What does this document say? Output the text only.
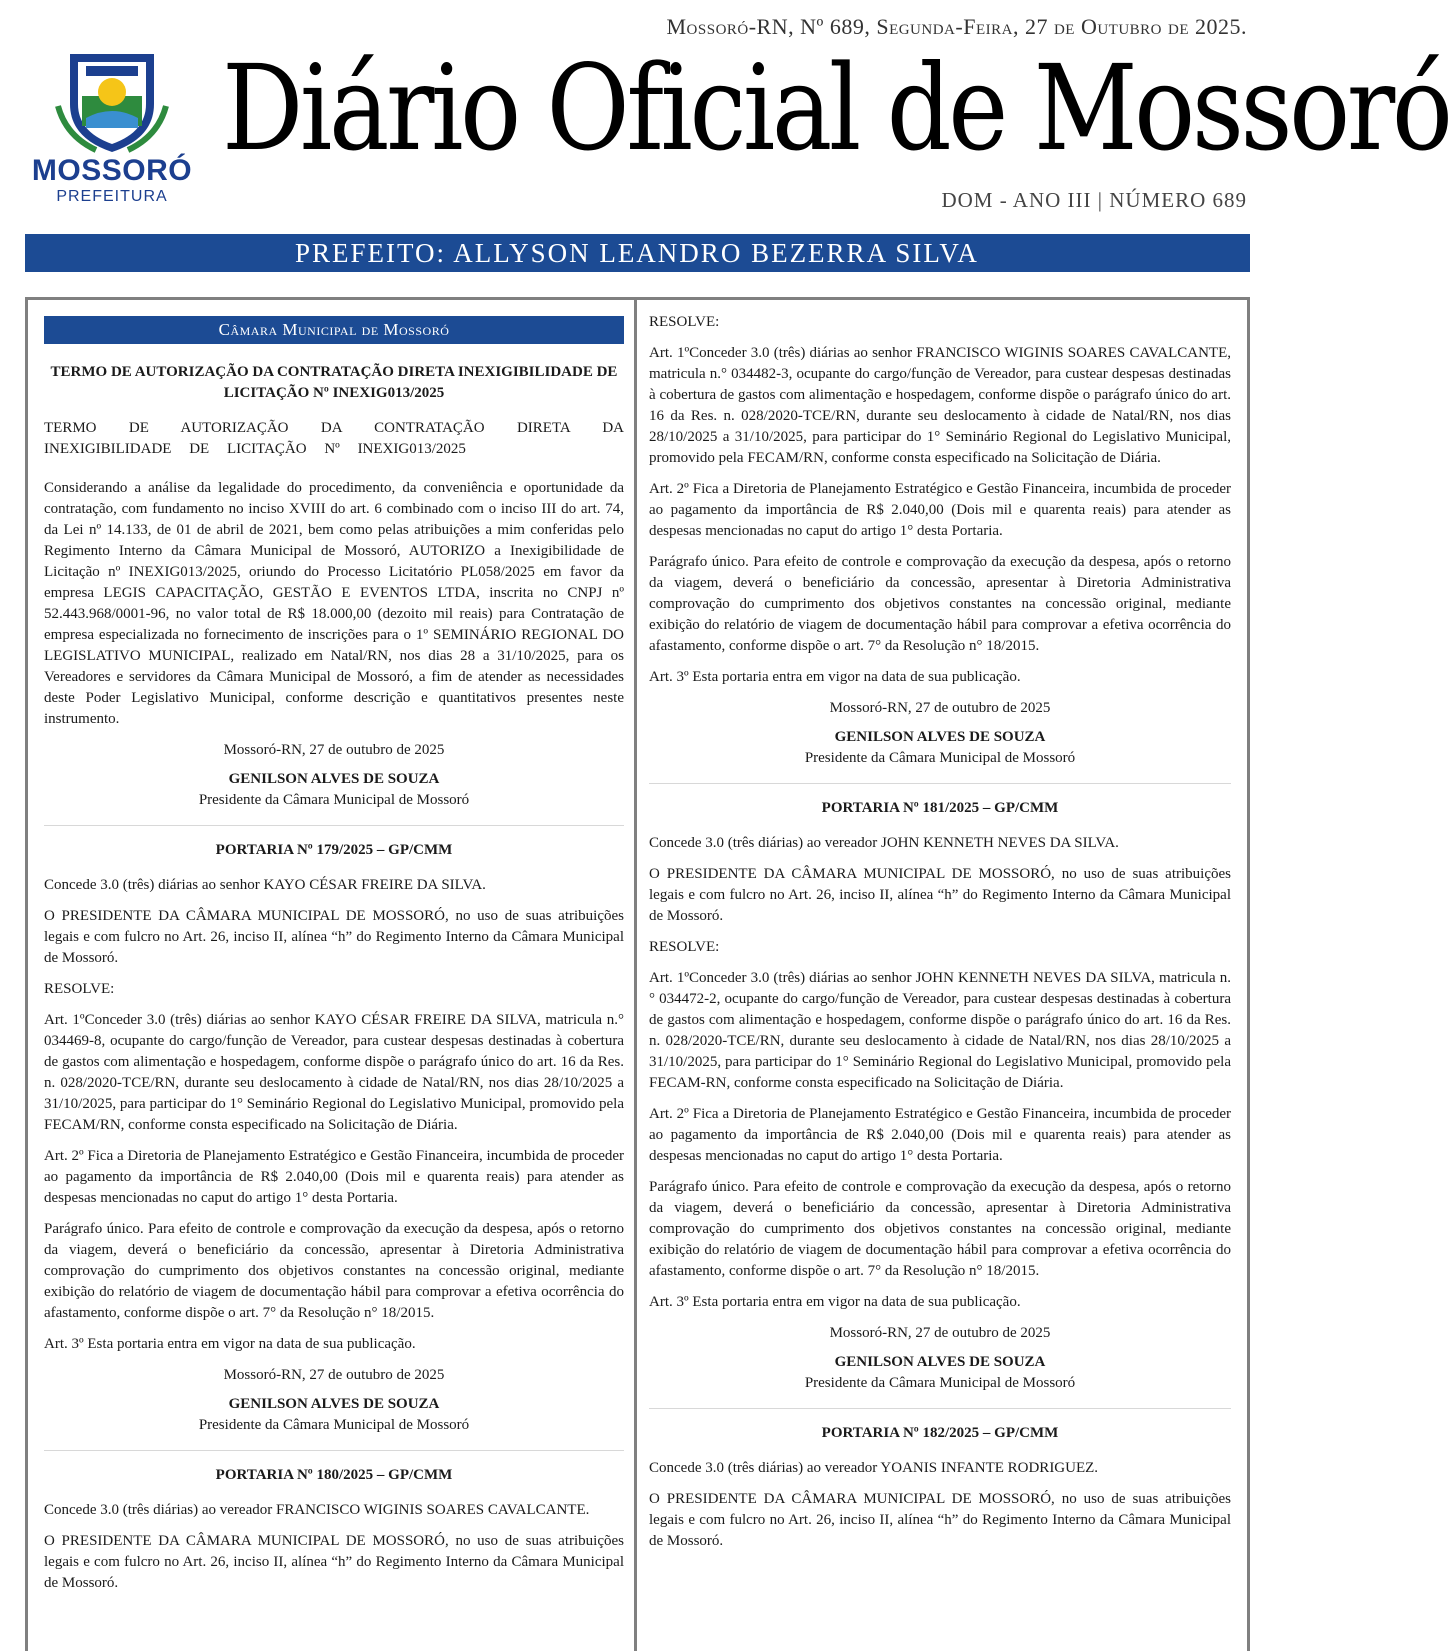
Mossoró-RN, Nº 689, Segunda-Feira, 27 de Outubro de 2025.
MOSSORÓ
PREFEITURA
Diário Oficial de Mossoró
DOM - ANO III | NÚMERO 689
PREFEITO: ALLYSON LEANDRO BEZERRA SILVA
Câmara Municipal de Mossoró

TERMO DE AUTORIZAÇÃO DA CONTRATAÇÃO DIRETA INEXIGIBILIDADE DE LICITAÇÃO Nº INEXIG013/2025

TERMO DE AUTORIZAÇÃO DA CONTRATAÇÃO DIRETA DA INEXIGIBILIDADE DE LICITAÇÃO Nº INEXIG013/2025

Considerando a análise da legalidade do procedimento, da conveniência e oportunidade da contratação, com fundamento no inciso XVIII do art. 6 combinado com o inciso III do art. 74, da Lei nº 14.133, de 01 de abril de 2021, bem como pelas atribuições a mim conferidas pelo Regimento Interno da Câmara Municipal de Mossoró, AUTORIZO a Inexigibilidade de Licitação nº INEXIG013/2025, oriundo do Processo Licitatório PL058/2025 em favor da empresa LEGIS CAPACITAÇÃO, GESTÃO E EVENTOS LTDA, inscrita no CNPJ nº 52.443.968/0001-96, no valor total de R$ 18.000,00 (dezoito mil reais) para Contratação de empresa especializada no fornecimento de inscrições para o 1º SEMINÁRIO REGIONAL DO LEGISLATIVO MUNICIPAL, realizado em Natal/RN, nos dias 28 a 31/10/2025, para os Vereadores e servidores da Câmara Municipal de Mossoró, a fim de atender as necessidades deste Poder Legislativo Municipal, conforme descrição e quantitativos presentes neste instrumento.

Mossoró-RN, 27 de outubro de 2025

GENILSON ALVES DE SOUZA

Presidente da Câmara Municipal de Mossoró

PORTARIA Nº 179/2025 – GP/CMM

Concede 3.0 (três) diárias ao senhor KAYO CÉSAR FREIRE DA SILVA.

O PRESIDENTE DA CÂMARA MUNICIPAL DE MOSSORÓ, no uso de suas atribuições legais e com fulcro no Art. 26, inciso II, alínea “h” do Regimento Interno da Câmara Municipal de Mossoró.

RESOLVE:

Art. 1ºConceder 3.0 (três) diárias ao senhor KAYO CÉSAR FREIRE DA SILVA, matricula n.° 034469-8, ocupante do cargo/função de Vereador, para custear despesas destinadas à cobertura de gastos com alimentação e hospedagem, conforme dispõe o parágrafo único do art. 16 da Res. n. 028/2020-TCE/RN, durante seu deslocamento à cidade de Natal/RN, nos dias 28/10/2025 a 31/10/2025, para participar do 1° Seminário Regional do Legislativo Municipal, promovido pela FECAM/RN, conforme consta especificado na Solicitação de Diária.

Art. 2º Fica a Diretoria de Planejamento Estratégico e Gestão Financeira, incumbida de proceder ao pagamento da importância de R$ 2.040,00 (Dois mil e quarenta reais) para atender as despesas mencionadas no caput do artigo 1° desta Portaria.

Parágrafo único. Para efeito de controle e comprovação da execução da despesa, após o retorno da viagem, deverá o beneficiário da concessão, apresentar à Diretoria Administrativa comprovação do cumprimento dos objetivos constantes na concessão original, mediante exibição do relatório de viagem de documentação hábil para comprovar a efetiva ocorrência do afastamento, conforme dispõe o art. 7° da Resolução n° 18/2015.

Art. 3º Esta portaria entra em vigor na data de sua publicação.

Mossoró-RN, 27 de outubro de 2025

GENILSON ALVES DE SOUZA

Presidente da Câmara Municipal de Mossoró

PORTARIA Nº 180/2025 – GP/CMM

Concede 3.0 (três diárias) ao vereador FRANCISCO WIGINIS SOARES CAVALCANTE.

O PRESIDENTE DA CÂMARA MUNICIPAL DE MOSSORÓ, no uso de suas atribuições legais e com fulcro no Art. 26, inciso II, alínea “h” do Regimento Interno da Câmara Municipal de Mossoró.

RESOLVE:

Art. 1ºConceder 3.0 (três) diárias ao senhor FRANCISCO WIGINIS SOARES CAVALCANTE, matricula n.° 034482-3, ocupante do cargo/função de Vereador, para custear despesas destinadas à cobertura de gastos com alimentação e hospedagem, conforme dispõe o parágrafo único do art. 16 da Res. n. 028/2020-TCE/RN, durante seu deslocamento à cidade de Natal/RN, nos dias 28/10/2025 a 31/10/2025, para participar do 1° Seminário Regional do Legislativo Municipal, promovido pela FECAM/RN, conforme consta especificado na Solicitação de Diária.

Art. 2º Fica a Diretoria de Planejamento Estratégico e Gestão Financeira, incumbida de proceder ao pagamento da importância de R$ 2.040,00 (Dois mil e quarenta reais) para atender as despesas mencionadas no caput do artigo 1° desta Portaria.

Parágrafo único. Para efeito de controle e comprovação da execução da despesa, após o retorno da viagem, deverá o beneficiário da concessão, apresentar à Diretoria Administrativa comprovação do cumprimento dos objetivos constantes na concessão original, mediante exibição do relatório de viagem de documentação hábil para comprovar a efetiva ocorrência do afastamento, conforme dispõe o art. 7° da Resolução n° 18/2015.

Art. 3º Esta portaria entra em vigor na data de sua publicação.

Mossoró-RN, 27 de outubro de 2025

GENILSON ALVES DE SOUZA

Presidente da Câmara Municipal de Mossoró

PORTARIA Nº 181/2025 – GP/CMM

Concede 3.0 (três diárias) ao vereador JOHN KENNETH NEVES DA SILVA.

O PRESIDENTE DA CÂMARA MUNICIPAL DE MOSSORÓ, no uso de suas atribuições legais e com fulcro no Art. 26, inciso II, alínea “h” do Regimento Interno da Câmara Municipal de Mossoró.

RESOLVE:

Art. 1ºConceder 3.0 (três) diárias ao senhor JOHN KENNETH NEVES DA SILVA, matricula n.° 034472-2, ocupante do cargo/função de Vereador, para custear despesas destinadas à cobertura de gastos com alimentação e hospedagem, conforme dispõe o parágrafo único do art. 16 da Res. n. 028/2020-TCE/RN, durante seu deslocamento à cidade de Natal/RN, nos dias 28/10/2025 a 31/10/2025, para participar do 1° Seminário Regional do Legislativo Municipal, promovido pela FECAM-RN, conforme consta especificado na Solicitação de Diária.

Art. 2º Fica a Diretoria de Planejamento Estratégico e Gestão Financeira, incumbida de proceder ao pagamento da importância de R$ 2.040,00 (Dois mil e quarenta reais) para atender as despesas mencionadas no caput do artigo 1° desta Portaria.

Parágrafo único. Para efeito de controle e comprovação da execução da despesa, após o retorno da viagem, deverá o beneficiário da concessão, apresentar à Diretoria Administrativa comprovação do cumprimento dos objetivos constantes na concessão original, mediante exibição do relatório de viagem de documentação hábil para comprovar a efetiva ocorrência do afastamento, conforme dispõe o art. 7° da Resolução n° 18/2015.

Art. 3º Esta portaria entra em vigor na data de sua publicação.

Mossoró-RN, 27 de outubro de 2025

GENILSON ALVES DE SOUZA

Presidente da Câmara Municipal de Mossoró

PORTARIA Nº 182/2025 – GP/CMM

Concede 3.0 (três diárias) ao vereador YOANIS INFANTE RODRIGUEZ.

O PRESIDENTE DA CÂMARA MUNICIPAL DE MOSSORÓ, no uso de suas atribuições legais e com fulcro no Art. 26, inciso II, alínea “h” do Regimento Interno da Câmara Municipal de Mossoró.
